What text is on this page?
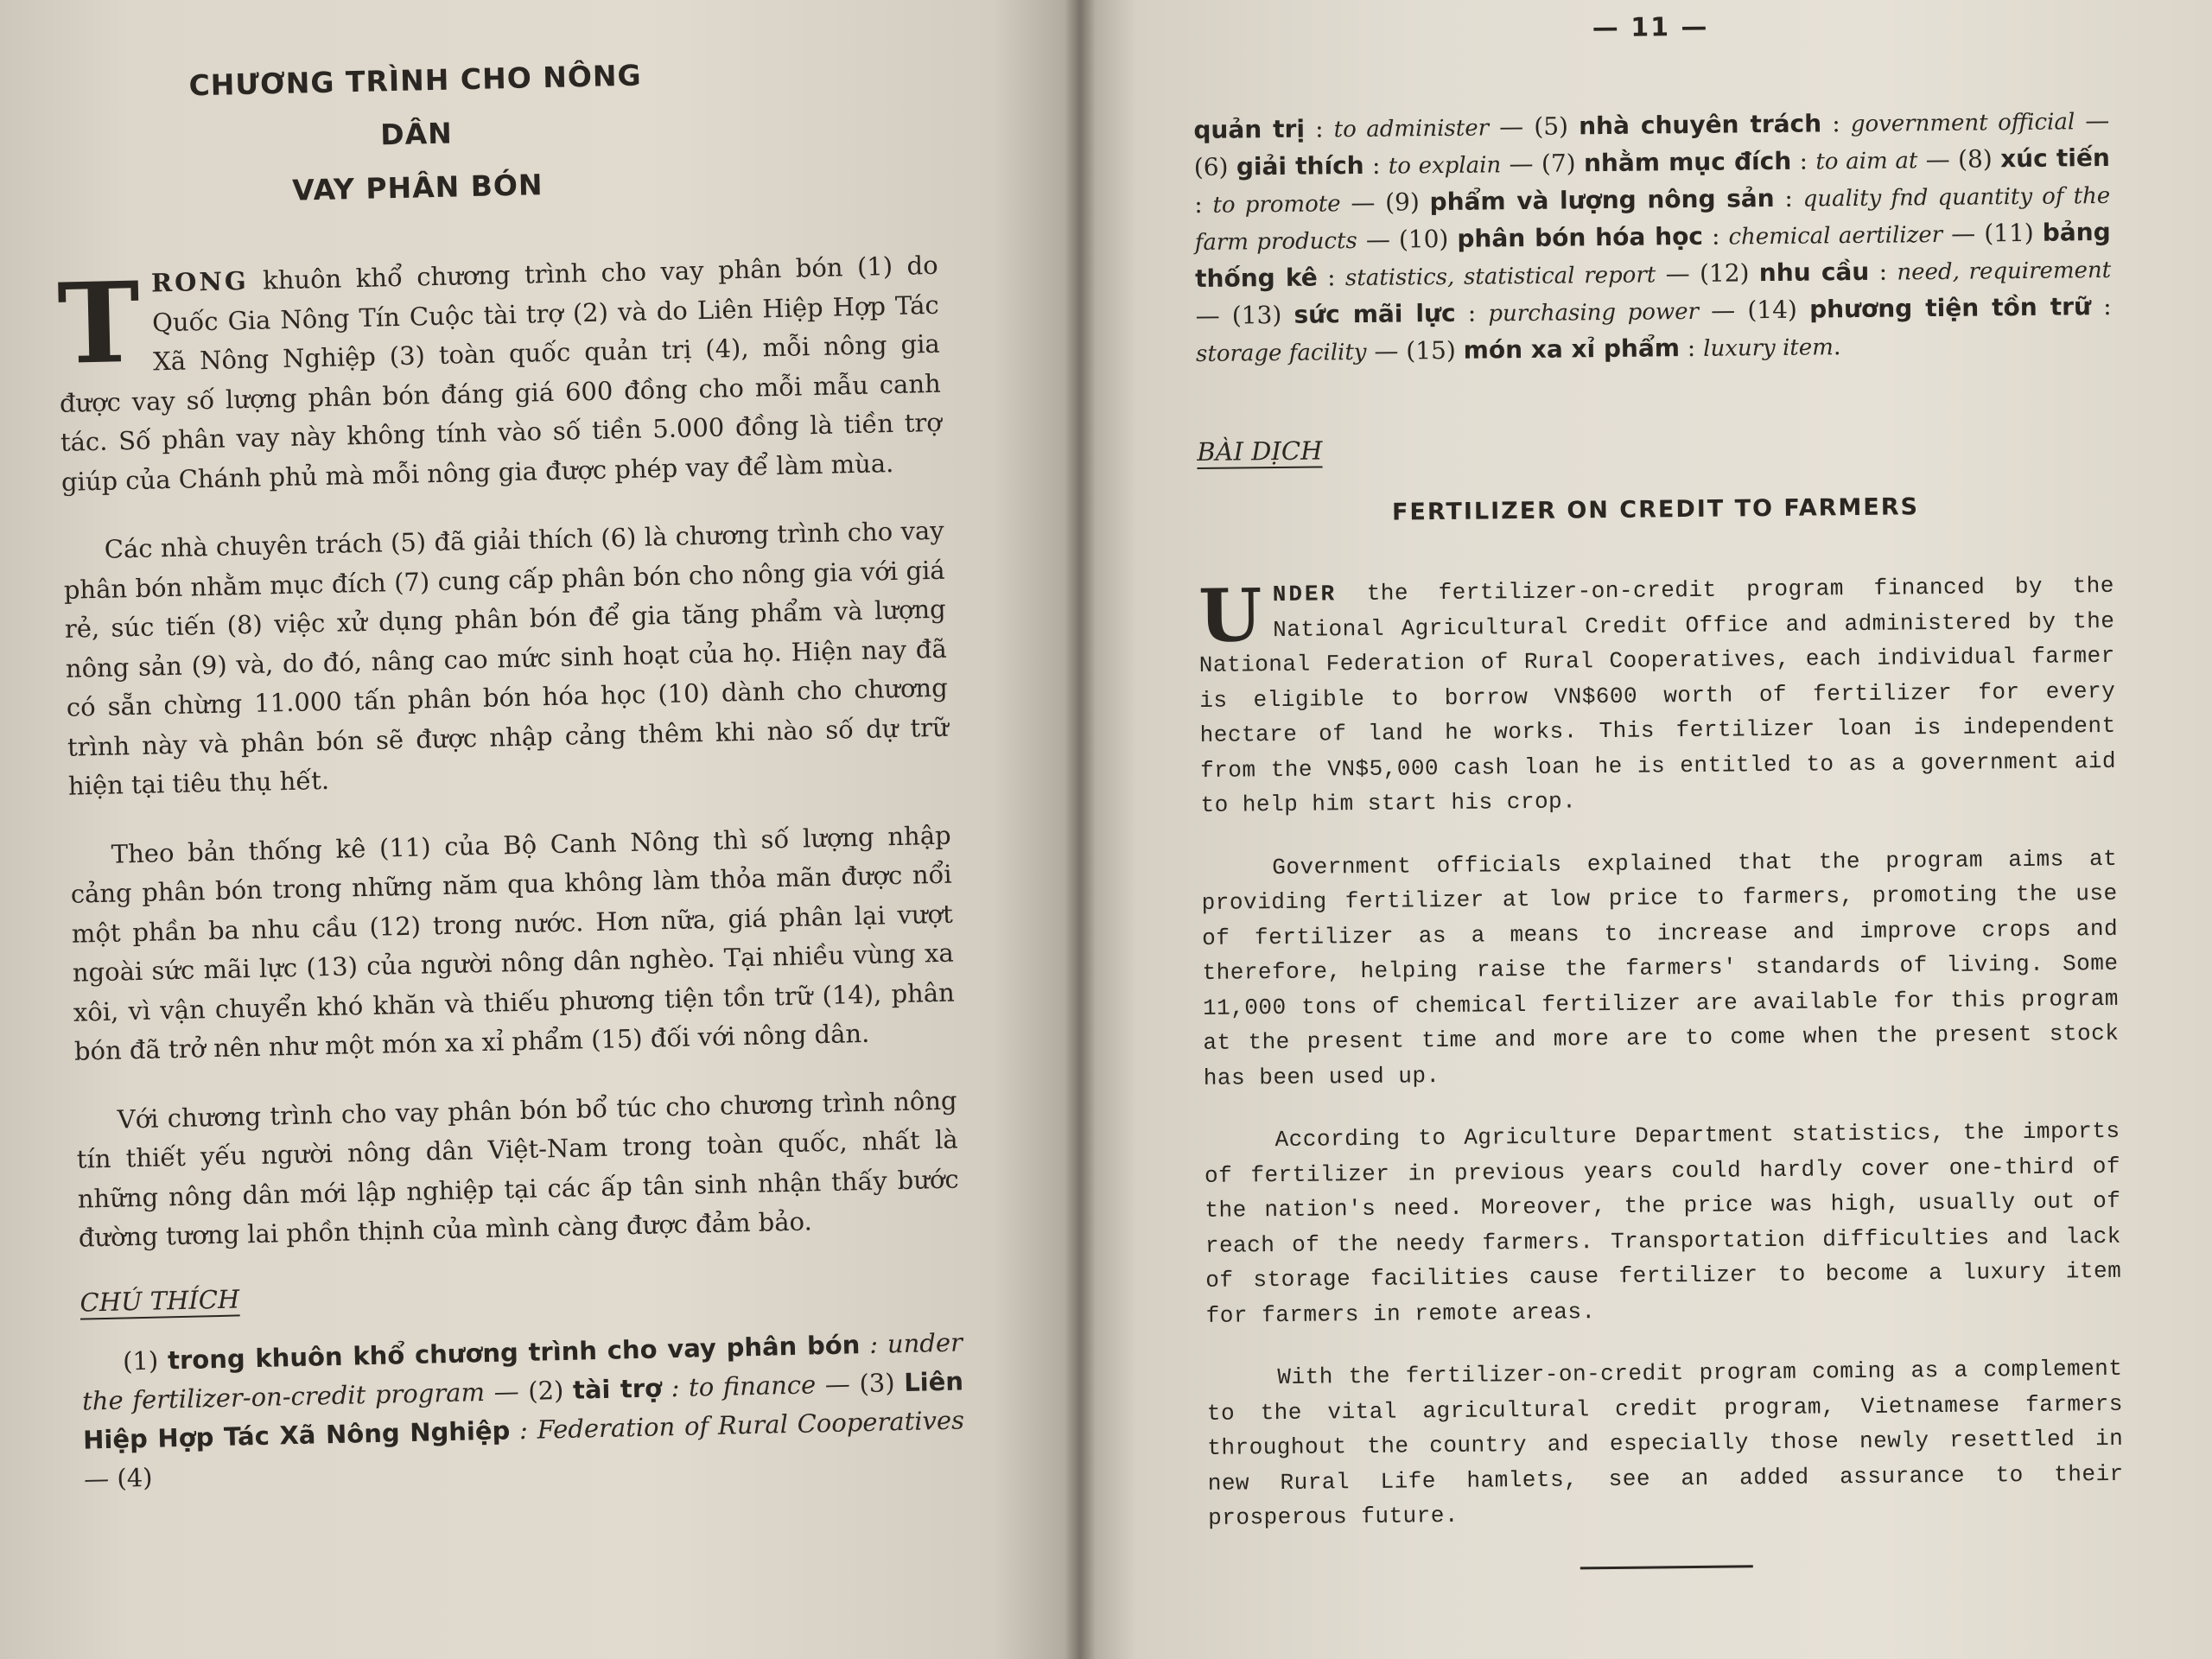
CHƯƠNG TRÌNH CHO NÔNG DÂN
VAY PHÂN BÓN

TRONG khuôn khổ chương trình cho vay phân bón (1) do Quốc Gia Nông Tín Cuộc tài trợ (2) và do Liên Hiệp Hợp Tác Xã Nông Nghiệp (3) toàn quốc quản trị (4), mỗi nông gia được vay số lượng phân bón đáng giá 600 đồng cho mỗi mẫu canh tác. Số phân vay này không tính vào số tiền 5.000 đồng là tiền trợ giúp của Chánh phủ mà mỗi nông gia được phép vay để làm mùa.

Các nhà chuyên trách (5) đã giải thích (6) là chương trình cho vay phân bón nhằm mục đích (7) cung cấp phân bón cho nông gia với giá rẻ, súc tiến (8) việc xử dụng phân bón để gia tăng phẩm và lượng nông sản (9) và, do đó, nâng cao mức sinh hoạt của họ. Hiện nay đã có sẵn chừng 11.000 tấn phân bón hóa học (10) dành cho chương trình này và phân bón sẽ được nhập cảng thêm khi nào số dự trữ hiện tại tiêu thụ hết.

Theo bản thống kê (11) của Bộ Canh Nông thì số lượng nhập cảng phân bón trong những năm qua không làm thỏa mãn được nổi một phần ba nhu cầu (12) trong nước. Hơn nữa, giá phân lại vượt ngoài sức mãi lực (13) của người nông dân nghèo. Tại nhiều vùng xa xôi, vì vận chuyển khó khăn và thiếu phương tiện tồn trữ (14), phân bón đã trở nên như một món xa xỉ phẩm (15) đối với nông dân.

Với chương trình cho vay phân bón bổ túc cho chương trình nông tín thiết yếu người nông dân Việt-Nam trong toàn quốc, nhất là những nông dân mới lập nghiệp tại các ấp tân sinh nhận thấy bước đường tương lai phồn thịnh của mình càng được đảm bảo.

CHÚ THÍCH
(1) trong khuôn khổ chương trình cho vay phân bón : under the fertilizer-on-credit program — (2) tài trợ : to finance — (3) Liên Hiệp Hợp Tác Xã Nông Nghiệp : Federation of Rural Cooperatives — (4)
— 11 —
quản trị : to administer — (5) nhà chuyên trách : government official — (6) giải thích : to explain — (7) nhằm mục đích : to aim at — (8) xúc tiến : to promote — (9) phẩm và lượng nông sản : quality fnd quantity of the farm products — (10) phân bón hóa học : chemical aertilizer — (11) bảng thống kê : statistics, statistical report — (12) nhu cầu : need, requirement — (13) sức mãi lực : purchasing power — (14) phương tiện tồn trữ : storage facility — (15) món xa xỉ phẩm : luxury item.
BÀI DỊCH
FERTILIZER ON CREDIT TO FARMERS

UNDER the fertilizer-on-credit program financed by the National Agricultural Credit Office and administered by the National Federation of Rural Cooperatives, each individual farmer is eligible to borrow VN$600 worth of fertilizer for every hectare of land he works. This fertilizer loan is independent from the VN$5,000 cash loan he is entitled to as a government aid to help him start his crop.

Government officials explained that the program aims at providing fertilizer at low price to farmers, promoting the use of fertilizer as a means to increase and improve crops and therefore, helping raise the farmers' standards of living. Some 11,000 tons of chemical fertilizer are available for this program at the present time and more are to come when the present stock has been used up.

According to Agriculture Department statistics, the imports of fertilizer in previous years could hardly cover one-third of the nation's need. Moreover, the price was high, usually out of reach of the needy farmers. Transportation difficulties and lack of storage facilities cause fertilizer to become a luxury item for farmers in remote areas.

With the fertilizer-on-credit program coming as a complement to the vital agricultural credit program, Vietnamese farmers throughout the country and especially those newly resettled in new Rural Life hamlets, see an added assurance to their prosperous future.
